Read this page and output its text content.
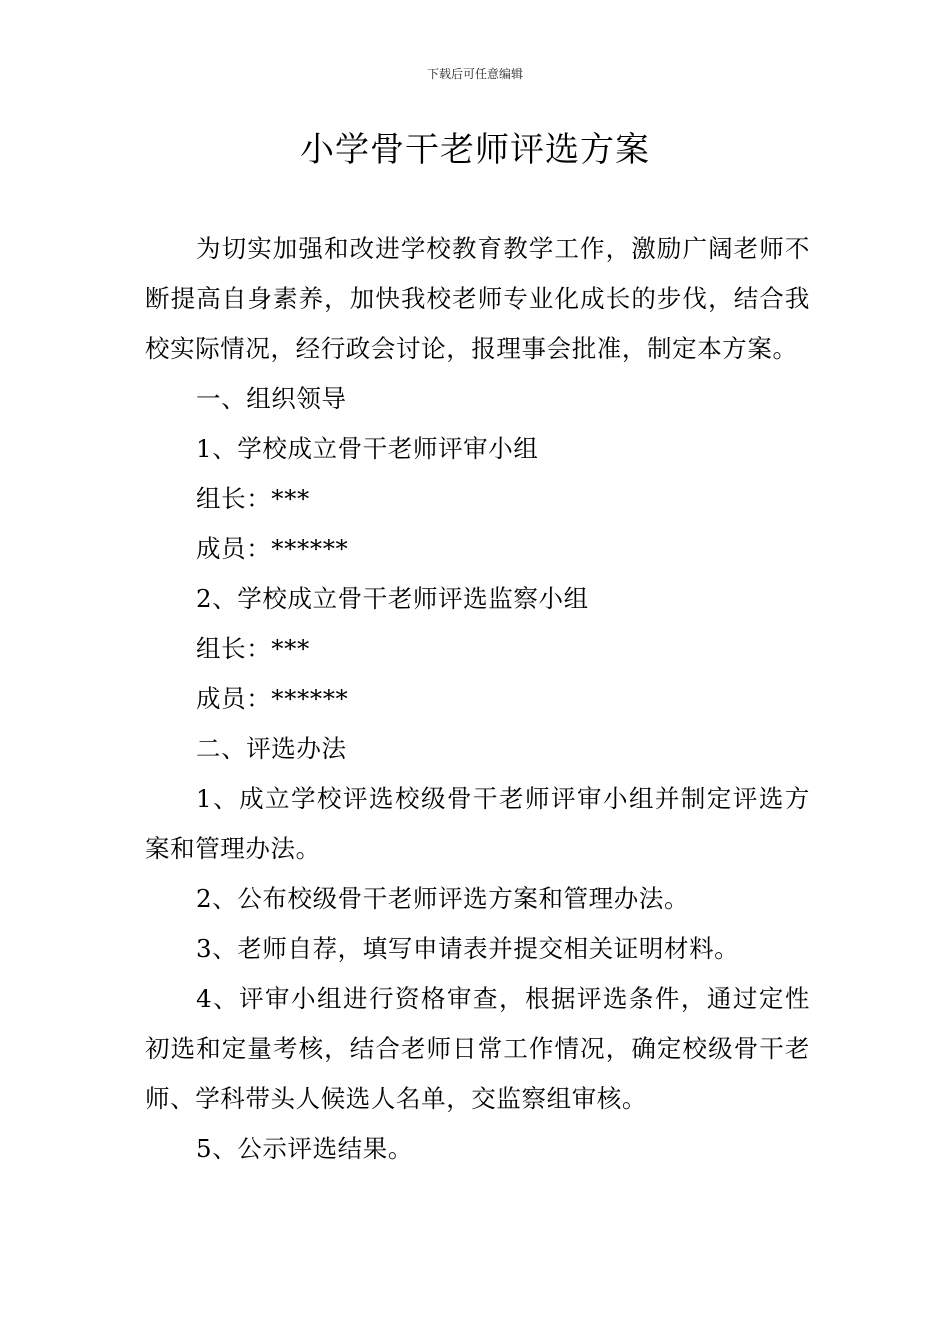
下载后可任意编辑
小学骨干老师评选方案

为切实加强和改进学校教育教学工作，激励广阔老师不断提高自身素养，加快我校老师专业化成长的步伐，结合我校实际情况，经行政会讨论，报理事会批准，制定本方案。

一、组织领导

1、学校成立骨干老师评审小组

组长：***

成员：******

2、学校成立骨干老师评选监察小组

组长：***

成员：******

二、评选办法

1、成立学校评选校级骨干老师评审小组并制定评选方案和管理办法。

2、公布校级骨干老师评选方案和管理办法。

3、老师自荐，填写申请表并提交相关证明材料。

4、评审小组进行资格审查，根据评选条件，通过定性初选和定量考核，结合老师日常工作情况，确定校级骨干老师、学科带头人候选人名单，交监察组审核。

5、公示评选结果。
